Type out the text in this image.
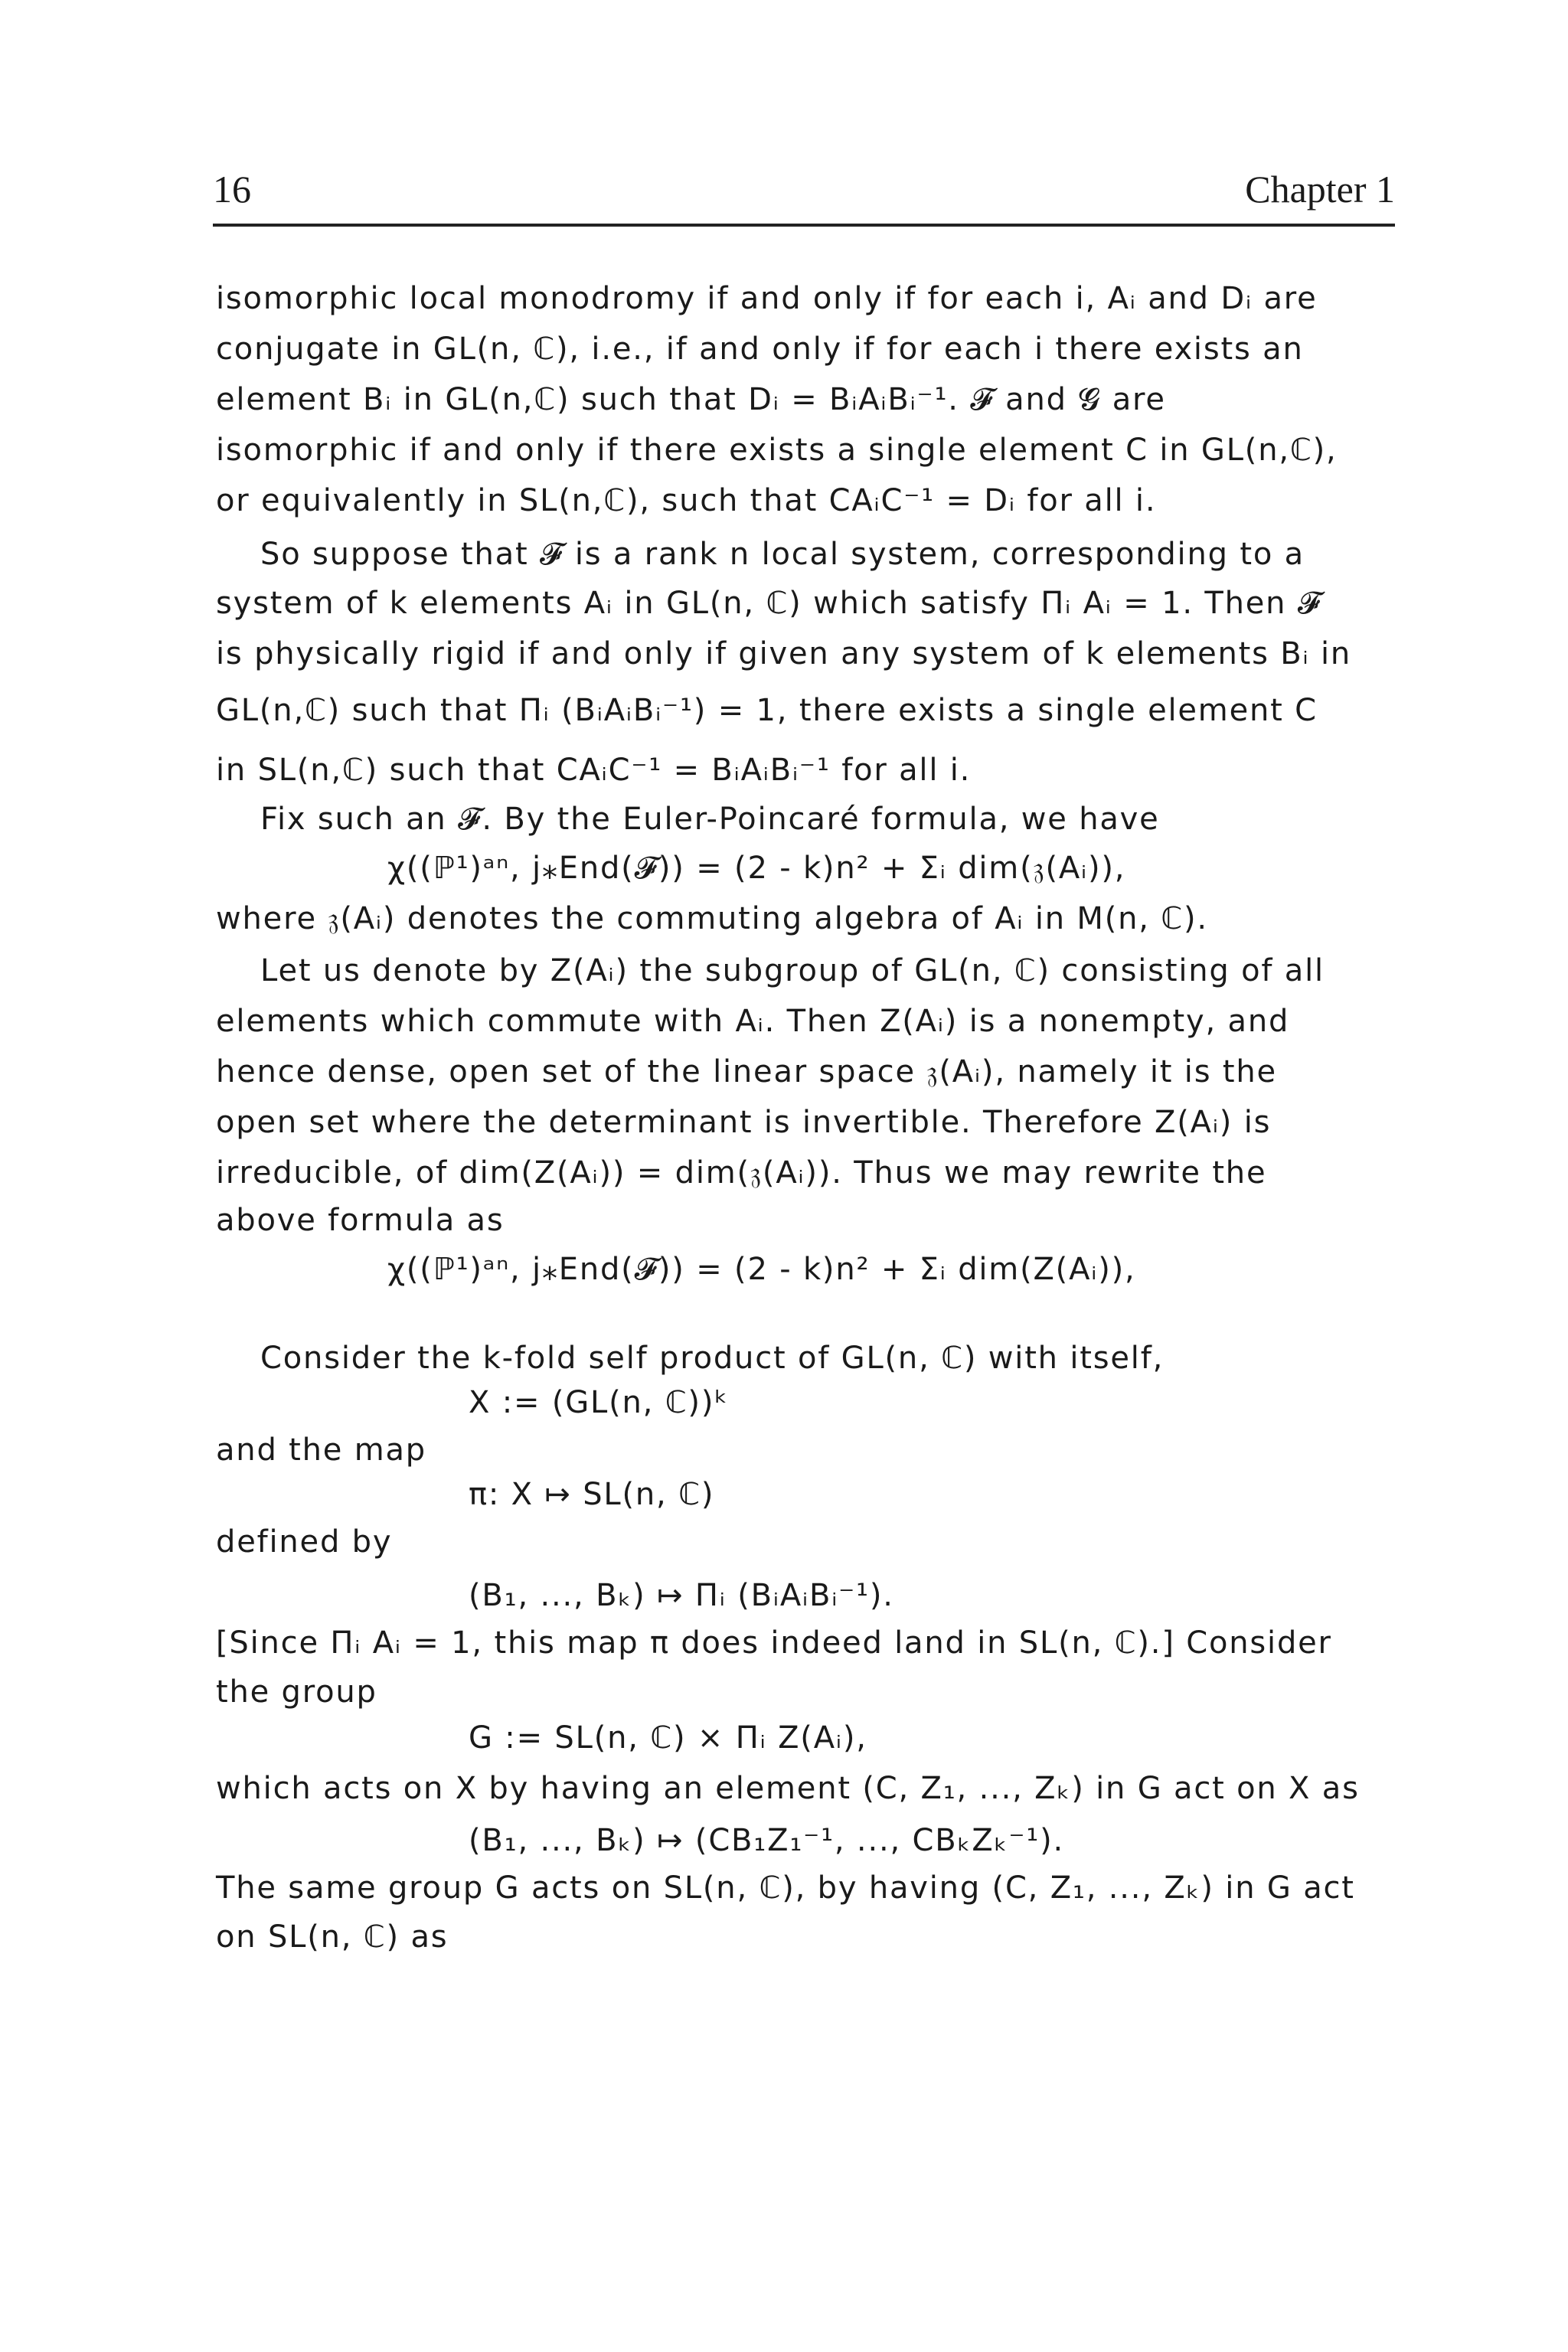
16	Chapter 1
isomorphic local monodromy if and only if for each i, Aᵢ and Dᵢ are
conjugate in GL(n, ℂ), i.e., if and only if for each i there exists an
element Bᵢ in GL(n,ℂ) such that Dᵢ = BᵢAᵢBᵢ⁻¹. 𝓕 and 𝓖 are
isomorphic if and only if there exists a single element C in GL(n,ℂ),
or equivalently in SL(n,ℂ), such that CAᵢC⁻¹ = Dᵢ for all i.
So suppose that 𝓕 is a rank n local system, corresponding to a
system of k elements Aᵢ in GL(n, ℂ) which satisfy Πᵢ Aᵢ = 1. Then 𝓕
is physically rigid if and only if given any system of k elements Bᵢ in
GL(n,ℂ) such that Πᵢ (BᵢAᵢBᵢ⁻¹) = 1, there exists a single element C
in SL(n,ℂ) such that CAᵢC⁻¹ = BᵢAᵢBᵢ⁻¹ for all i.
Fix such an 𝓕. By the Euler-Poincaré formula, we have
χ((ℙ¹)ᵃⁿ, j⁎End(𝓕)) = (2 - k)n² + Σᵢ dim(𝔷(Aᵢ)),
where 𝔷(Aᵢ) denotes the commuting algebra of Aᵢ in M(n, ℂ).
Let us denote by Z(Aᵢ) the subgroup of GL(n, ℂ) consisting of all
elements which commute with Aᵢ. Then Z(Aᵢ) is a nonempty, and
hence dense, open set of the linear space 𝔷(Aᵢ), namely it is the
open set where the determinant is invertible. Therefore Z(Aᵢ) is
irreducible, of dim(Z(Aᵢ)) = dim(𝔷(Aᵢ)). Thus we may rewrite the
above formula as
χ((ℙ¹)ᵃⁿ, j⁎End(𝓕)) = (2 - k)n² + Σᵢ dim(Z(Aᵢ)),
Consider the k-fold self product of GL(n, ℂ) with itself,
X := (GL(n, ℂ))ᵏ
and the map
π: X ↦ SL(n, ℂ)
defined by
(B₁, ..., Bₖ) ↦ Πᵢ (BᵢAᵢBᵢ⁻¹).
[Since Πᵢ Aᵢ = 1, this map π does indeed land in SL(n, ℂ).] Consider
the group
G := SL(n, ℂ) × Πᵢ Z(Aᵢ),
which acts on X by having an element (C, Z₁, ..., Zₖ) in G act on X as
(B₁, ..., Bₖ) ↦ (CB₁Z₁⁻¹, ..., CBₖZₖ⁻¹).
The same group G acts on SL(n, ℂ), by having (C, Z₁, ..., Zₖ) in G act
on SL(n, ℂ) as
